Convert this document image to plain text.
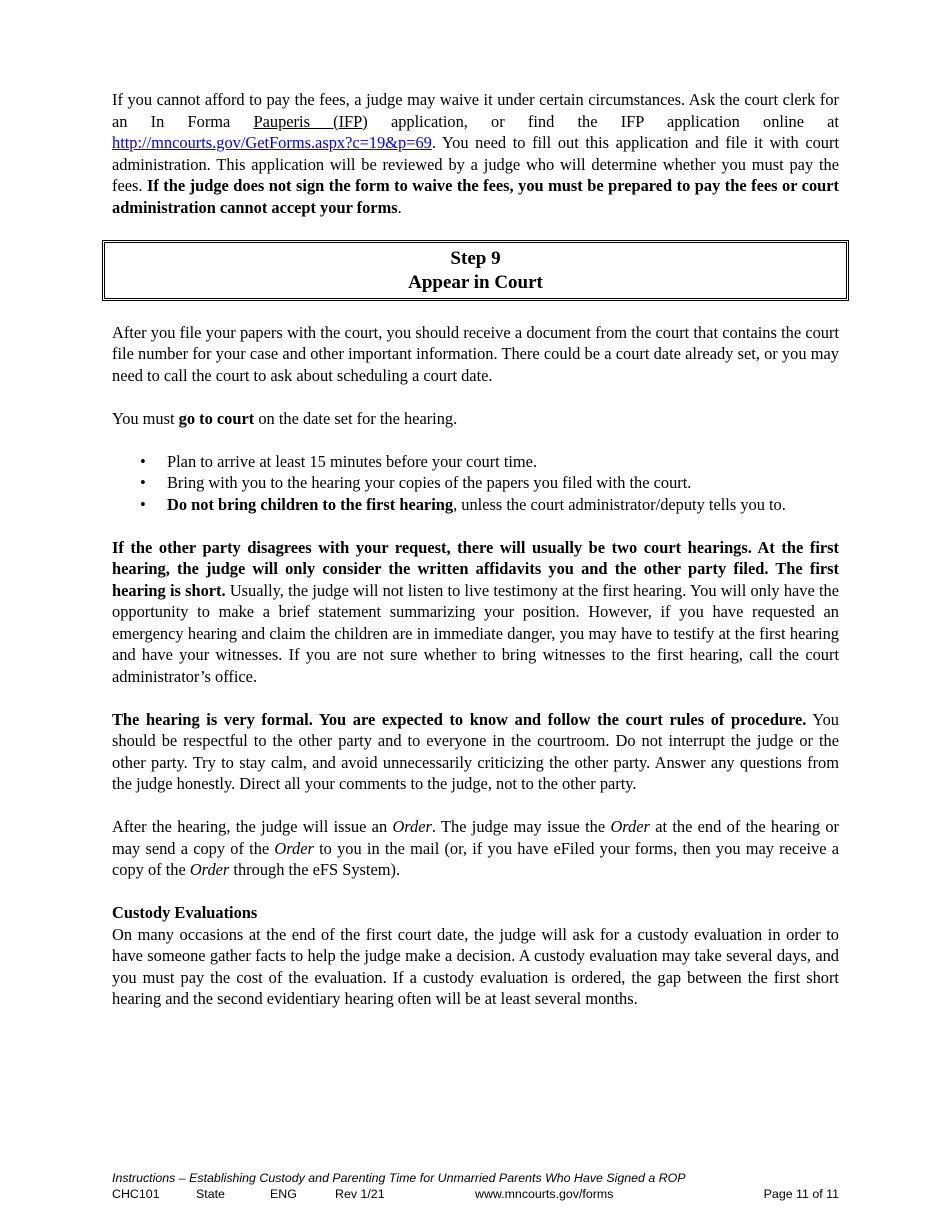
If you cannot afford to pay the fees, a judge may waive it under certain circumstances. Ask the court clerk for an In Forma Pauperis (IFP) application, or find the IFP application online at http://mncourts.gov/GetForms.aspx?c=19&p=69. You need to fill out this application and file it with court administration. This application will be reviewed by a judge who will determine whether you must pay the fees. If the judge does not sign the form to waive the fees, you must be prepared to pay the fees or court administration cannot accept your forms.

Step 9
Appear in Court

After you file your papers with the court, you should receive a document from the court that contains the court file number for your case and other important information. There could be a court date already set, or you may need to call the court to ask about scheduling a court date.

You must go to court on the date set for the hearing.

• Plan to arrive at least 15 minutes before your court time.
• Bring with you to the hearing your copies of the papers you filed with the court.
• Do not bring children to the first hearing, unless the court administrator/deputy tells you to.

If the other party disagrees with your request, there will usually be two court hearings. At the first hearing, the judge will only consider the written affidavits you and the other party filed. The first hearing is short. Usually, the judge will not listen to live testimony at the first hearing. You will only have the opportunity to make a brief statement summarizing your position. However, if you have requested an emergency hearing and claim the children are in immediate danger, you may have to testify at the first hearing and have your witnesses. If you are not sure whether to bring witnesses to the first hearing, call the court administrator’s office.

The hearing is very formal. You are expected to know and follow the court rules of procedure. You should be respectful to the other party and to everyone in the courtroom. Do not interrupt the judge or the other party. Try to stay calm, and avoid unnecessarily criticizing the other party. Answer any questions from the judge honestly. Direct all your comments to the judge, not to the other party.

After the hearing, the judge will issue an Order. The judge may issue the Order at the end of the hearing or may send a copy of the Order to you in the mail (or, if you have eFiled your forms, then you may receive a copy of the Order through the eFS System).

Custody Evaluations

On many occasions at the end of the first court date, the judge will ask for a custody evaluation in order to have someone gather facts to help the judge make a decision. A custody evaluation may take several days, and you must pay the cost of the evaluation. If a custody evaluation is ordered, the gap between the first short hearing and the second evidentiary hearing often will be at least several months.

Instructions – Establishing Custody and Parenting Time for Unmarried Parents Who Have Signed a ROP
CHC101	State	ENG	Rev 1/21	www.mncourts.gov/forms	Page 11 of 11
